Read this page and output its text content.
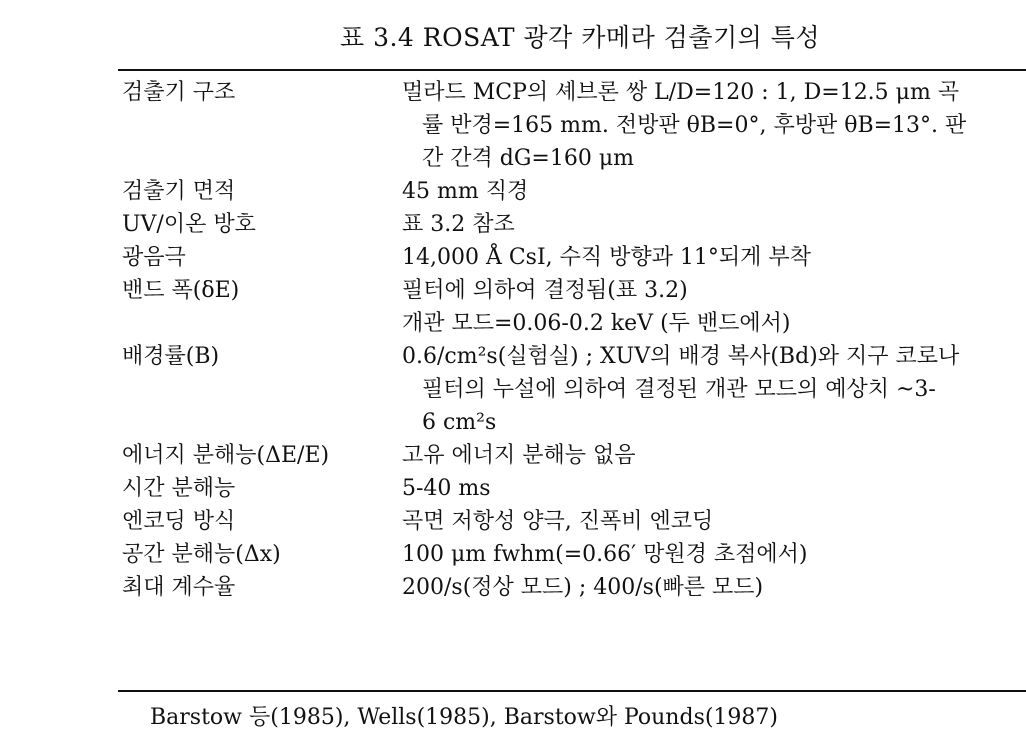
표 3.4 ROSAT 광각 카메라 검출기의 특성
검출기 구조	멀라드 MCP의 셰브론 쌍 L/D=120 : 1, D=12.5 μm 곡
률 반경=165 mm. 전방판 θB=0°, 후방판 θB=13°. 판
간 간격 dG=160 μm
검출기 면적	45 mm 직경
UV/이온 방호	표 3.2 참조
광음극	14,000 Å CsI, 수직 방향과 11°되게 부착
밴드 폭(δE)	필터에 의하여 결정됨(표 3.2)
개관 모드=0.06-0.2 keV (두 밴드에서)
배경률(B)	0.6/cm²s(실험실) ; XUV의 배경 복사(Bd)와 지구 코로나
필터의 누설에 의하여 결정된 개관 모드의 예상치 ~3-
6 cm²s
에너지 분해능(ΔE/E)	고유 에너지 분해능 없음
시간 분해능	5-40 ms
엔코딩 방식	곡면 저항성 양극, 진폭비 엔코딩
공간 분해능(Δx)	100 μm fwhm(=0.66′ 망원경 초점에서)
최대 계수율	200/s(정상 모드) ; 400/s(빠른 모드)
Barstow 등(1985), Wells(1985), Barstow와 Pounds(1987)
